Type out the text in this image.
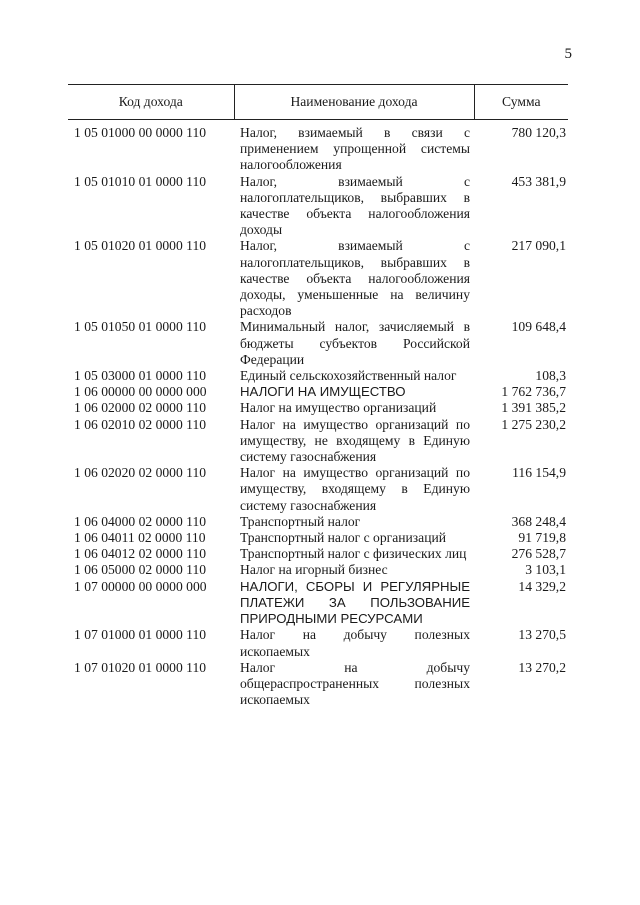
5
Код дохода	Наименование дохода	Сумма
1 05 01000 00 0000 110	Налог, взимаемый в связи с применением упрощенной системы налогообложения	780 120,3
1 05 01010 01 0000 110	Налог, взимаемый с налогоплательщиков, выбравших в качестве объекта налогообложения доходы	453 381,9
1 05 01020 01 0000 110	Налог, взимаемый с налогоплательщиков, выбравших в качестве объекта налогообложения доходы, уменьшенные на величину расходов	217 090,1
1 05 01050 01 0000 110	Минимальный налог, зачисляемый в бюджеты субъектов Российской Федерации	109 648,4
1 05 03000 01 0000 110	Единый сельскохозяйственный налог	108,3
1 06 00000 00 0000 000	НАЛОГИ НА ИМУЩЕСТВО	1 762 736,7
1 06 02000 02 0000 110	Налог на имущество организаций	1 391 385,2
1 06 02010 02 0000 110	Налог на имущество организаций по имуществу, не входящему в Единую систему газоснабжения	1 275 230,2
1 06 02020 02 0000 110	Налог на имущество организаций по имуществу, входящему в Единую систему газоснабжения	116 154,9
1 06 04000 02 0000 110	Транспортный налог	368 248,4
1 06 04011 02 0000 110	Транспортный налог с организаций	91 719,8
1 06 04012 02 0000 110	Транспортный налог с физических лиц	276 528,7
1 06 05000 02 0000 110	Налог на игорный бизнес	3 103,1
1 07 00000 00 0000 000	НАЛОГИ, СБОРЫ И РЕГУЛЯРНЫЕ ПЛАТЕЖИ ЗА ПОЛЬЗОВАНИЕ ПРИРОДНЫМИ РЕСУРСАМИ	14 329,2
1 07 01000 01 0000 110	Налог на добычу полезных ископаемых	13 270,5
1 07 01020 01 0000 110	Налог на добычу общераспространенных полезных ископаемых	13 270,2
